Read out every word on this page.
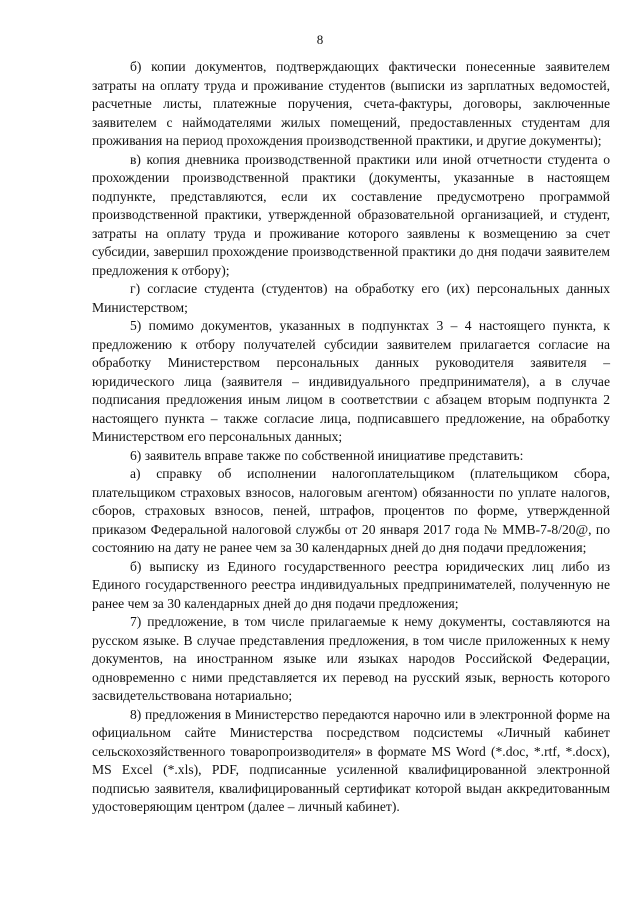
8

б) копии документов, подтверждающих фактически понесенные заявителем затраты на оплату труда и проживание студентов (выписки из зарплатных ведомостей, расчетные листы, платежные поручения, счета-фактуры, договоры, заключенные заявителем с наймодателями жилых помещений, предоставленных студентам для проживания на период прохождения производственной практики, и другие документы);

в) копия дневника производственной практики или иной отчетности студента о прохождении производственной практики (документы, указанные в настоящем подпункте, представляются, если их составление предусмотрено программой производственной практики, утвержденной образовательной организацией, и студент, затраты на оплату труда и проживание которого заявлены к возмещению за счет субсидии, завершил прохождение производственной практики до дня подачи заявителем предложения к отбору);

г) согласие студента (студентов) на обработку его (их) персональных данных Министерством;

5) помимо документов, указанных в подпунктах 3 – 4 настоящего пункта, к предложению к отбору получателей субсидии заявителем прилагается согласие на обработку Министерством персональных данных руководителя заявителя – юридического лица (заявителя – индивидуального предпринимателя), а в случае подписания предложения иным лицом в соответствии с абзацем вторым подпункта 2 настоящего пункта – также согласие лица, подписавшего предложение, на обработку Министерством его персональных данных;

6) заявитель вправе также по собственной инициативе представить:

а) справку об исполнении налогоплательщиком (плательщиком сбора, плательщиком страховых взносов, налоговым агентом) обязанности по уплате налогов, сборов, страховых взносов, пеней, штрафов, процентов по форме, утвержденной приказом Федеральной налоговой службы от 20 января 2017 года № ММВ-7-8/20@, по состоянию на дату не ранее чем за 30 календарных дней до дня подачи предложения;

б) выписку из Единого государственного реестра юридических лиц либо из Единого государственного реестра индивидуальных предпринимателей, полученную не ранее чем за 30 календарных дней до дня подачи предложения;

7) предложение, в том числе прилагаемые к нему документы, составляются на русском языке. В случае представления предложения, в том числе приложенных к нему документов, на иностранном языке или языках народов Российской Федерации, одновременно с ними представляется их перевод на русский язык, верность которого засвидетельствована нотариально;

8) предложения в Министерство передаются нарочно или в электронной форме на официальном сайте Министерства посредством подсистемы «Личный кабинет сельскохозяйственного товаропроизводителя» в формате MS Word (*.doc, *.rtf, *.docx), MS Excel (*.xls), PDF, подписанные усиленной квалифицированной электронной подписью заявителя, квалифицированный сертификат которой выдан аккредитованным удостоверяющим центром (далее – личный кабинет).
